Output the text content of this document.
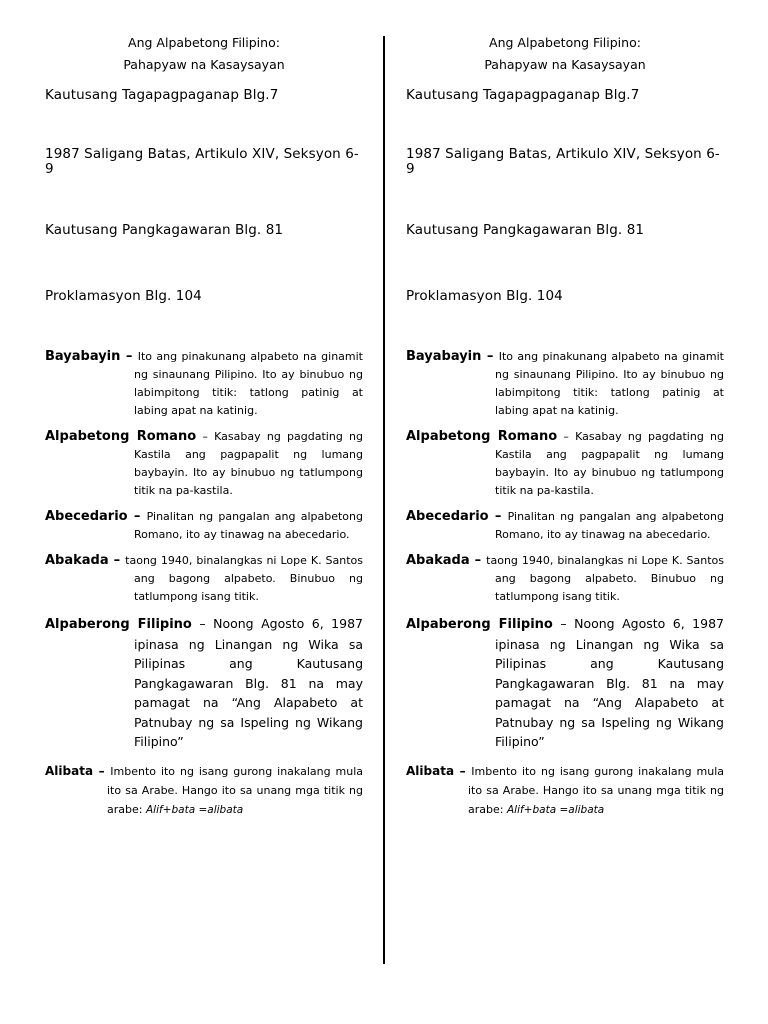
Ang Alpabetong Filipino:

Pahapyaw na Kasaysayan

Kautusang Tagapagpaganap Blg.7

1987 Saligang Batas, Artikulo XIV, Seksyon 6-9

Kautusang Pangkagawaran Blg. 81

Proklamasyon Blg. 104

Bayabayin – Ito ang pinakunang alpabeto na ginamit ng sinaunang Pilipino. Ito ay binubuo ng labimpitong titik: tatlong patinig at labing apat na katinig.
Alpabetong Romano – Kasabay ng pagdating ng Kastila ang pagpapalit ng lumang baybayin. Ito ay binubuo ng tatlumpong titik na pa-kastila.
Abecedario – Pinalitan ng pangalan ang alpabetong Romano, ito ay tinawag na abecedario.
Abakada – taong 1940, binalangkas ni Lope K. Santos ang bagong alpabeto. Binubuo ng tatlumpong isang titik.
Alpaberong Filipino – Noong Agosto 6, 1987 ipinasa ng Linangan ng Wika sa Pilipinas ang Kautusang Pangkagawaran Blg. 81 na may pamagat na “Ang Alapabeto at Patnubay ng sa Ispeling ng Wikang Filipino”
Alibata – Imbento ito ng isang gurong inakalang mula ito sa Arabe. Hango ito sa unang mga titik ng arabe: Alif+bata =alibata

Ang Alpabetong Filipino:

Pahapyaw na Kasaysayan

Kautusang Tagapagpaganap Blg.7

1987 Saligang Batas, Artikulo XIV, Seksyon 6-9

Kautusang Pangkagawaran Blg. 81

Proklamasyon Blg. 104

Bayabayin – Ito ang pinakunang alpabeto na ginamit ng sinaunang Pilipino. Ito ay binubuo ng labimpitong titik: tatlong patinig at labing apat na katinig.
Alpabetong Romano – Kasabay ng pagdating ng Kastila ang pagpapalit ng lumang baybayin. Ito ay binubuo ng tatlumpong titik na pa-kastila.
Abecedario – Pinalitan ng pangalan ang alpabetong Romano, ito ay tinawag na abecedario.
Abakada – taong 1940, binalangkas ni Lope K. Santos ang bagong alpabeto. Binubuo ng tatlumpong isang titik.
Alpaberong Filipino – Noong Agosto 6, 1987 ipinasa ng Linangan ng Wika sa Pilipinas ang Kautusang Pangkagawaran Blg. 81 na may pamagat na “Ang Alapabeto at Patnubay ng sa Ispeling ng Wikang Filipino”
Alibata – Imbento ito ng isang gurong inakalang mula ito sa Arabe. Hango ito sa unang mga titik ng arabe: Alif+bata =alibata
